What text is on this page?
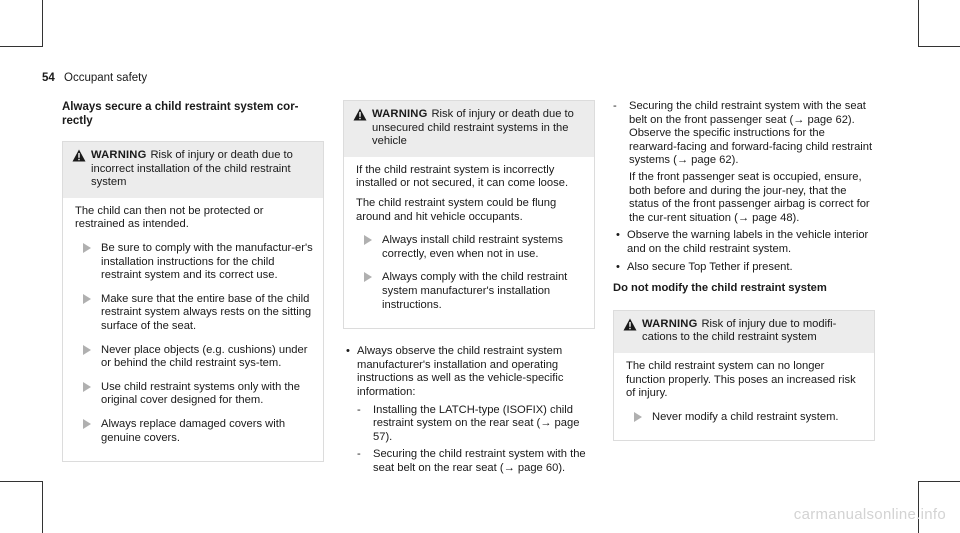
54 Occupant safety
Always secure a child restraint system cor-rectly
WARNING Risk of injury or death due to incorrect installation of the child restraint system

The child can then not be protected or restrained as intended.

Be sure to comply with the manufactur-er's installation instructions for the child restraint system and its correct use.
Make sure that the entire base of the child restraint system always rests on the sitting surface of the seat.
Never place objects (e.g. cushions) under or behind the child restraint sys-tem.
Use child restraint systems only with the original cover designed for them.
Always replace damaged covers with genuine covers.
WARNING Risk of injury or death due to unsecured child restraint systems in the vehicle

If the child restraint system is incorrectly installed or not secured, it can come loose.

The child restraint system could be flung around and hit vehicle occupants.

Always install child restraint systems correctly, even when not in use.
Always comply with the child restraint system manufacturer's installation instructions.
• Always observe the child restraint system manufacturer's installation and operating instructions as well as the vehicle-specific information:
- Installing the LATCH-type (ISOFIX) child restraint system on the rear seat (→ page 57).
- Securing the child restraint system with the seat belt on the rear seat (→ page 60).
- Securing the child restraint system with the seat belt on the front passenger seat (→ page 62). Observe the specific instructions for the rearward-facing and forward-facing child restraint systems (→ page 62).

If the front passenger seat is occupied, ensure, both before and during the jour-ney, that the status of the front passenger airbag is correct for the cur-rent situation (→ page 48).

• Observe the warning labels in the vehicle interior and on the child restraint system.
• Also secure Top Tether if present.
Do not modify the child restraint system
WARNING Risk of injury due to modifi-cations to the child restraint system

The child restraint system can no longer function properly. This poses an increased risk of injury.

Never modify a child restraint system.
carmanualsonline.info
